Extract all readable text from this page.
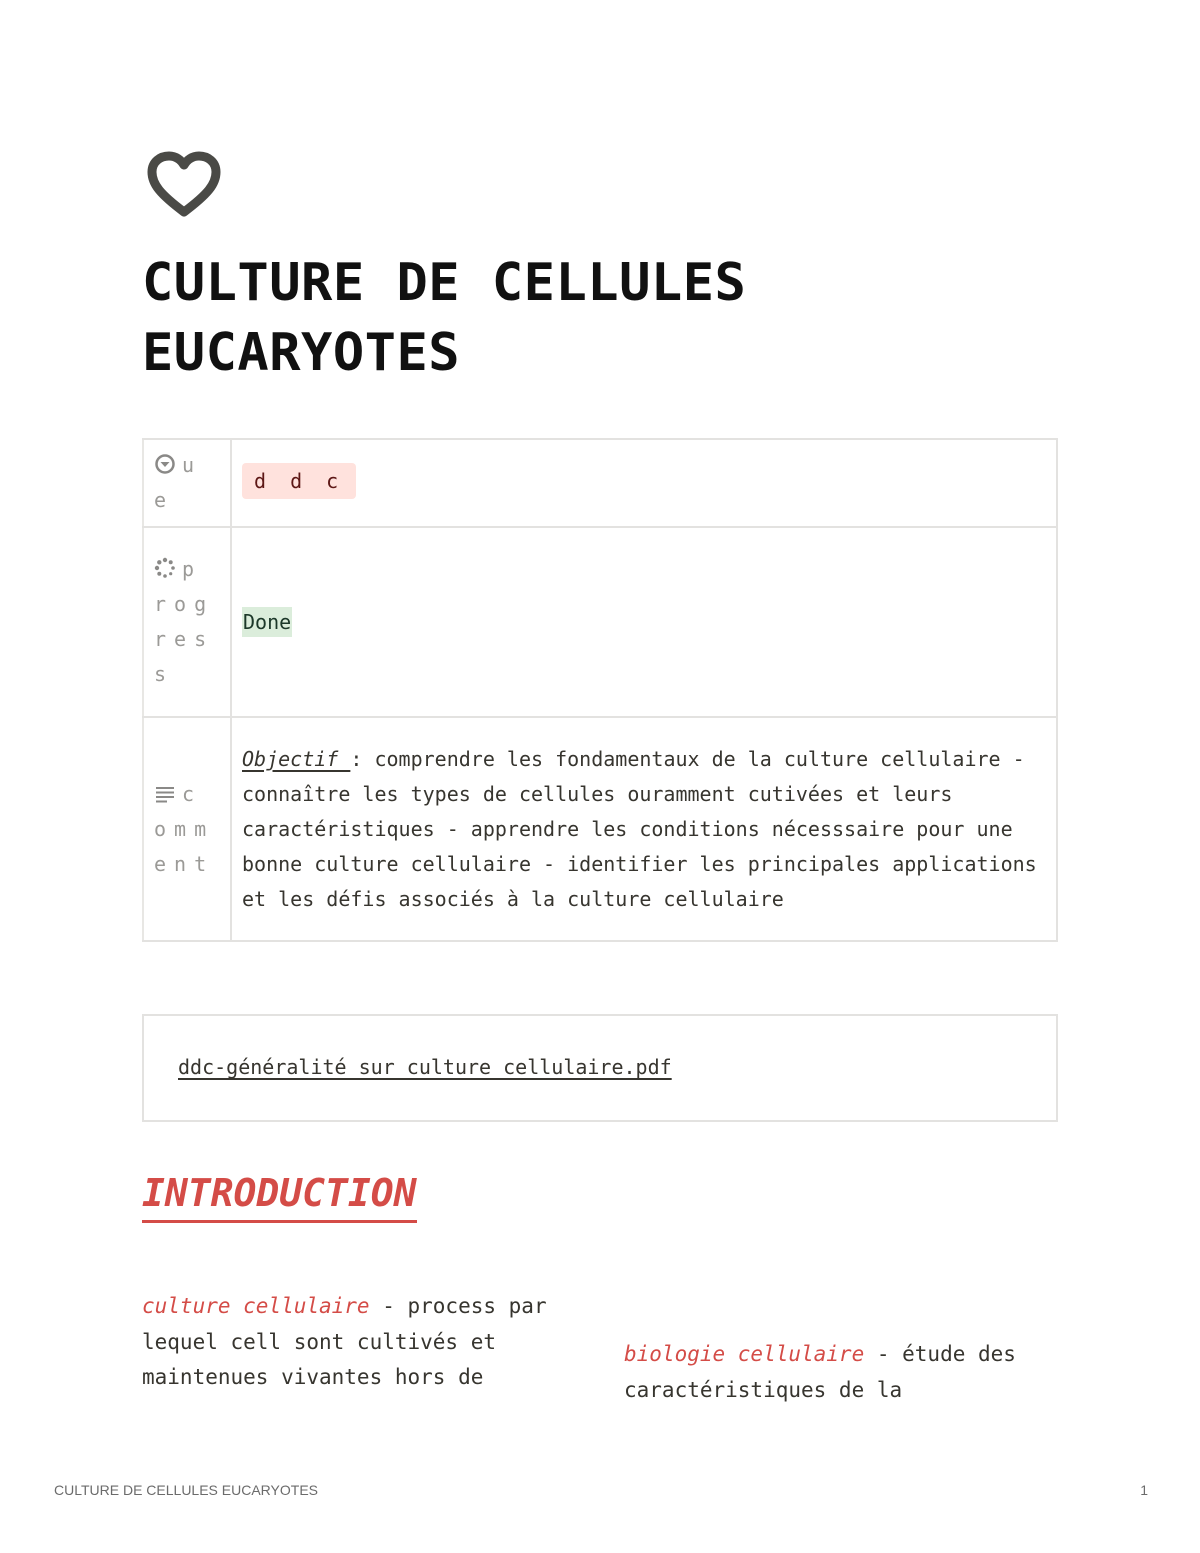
CULTURE DE CELLULES EUCARYOTES
ue	d d c
progress	Done
comment	Objectif : comprendre les fondamentaux de la culture cellulaire - connaître les types de cellules ouramment cutivées et leurs caractéristiques - apprendre les conditions nécesssaire pour une bonne culture cellulaire - identifier les principales applications et les défis associés à la culture cellulaire
ddc-généralité sur culture cellulaire.pdf
INTRODUCTION
culture cellulaire - process par lequel cell sont cultivés et maintenues vivantes hors de
biologie cellulaire - étude des caractéristiques de la
CULTURE DE CELLULES EUCARYOTES	1
